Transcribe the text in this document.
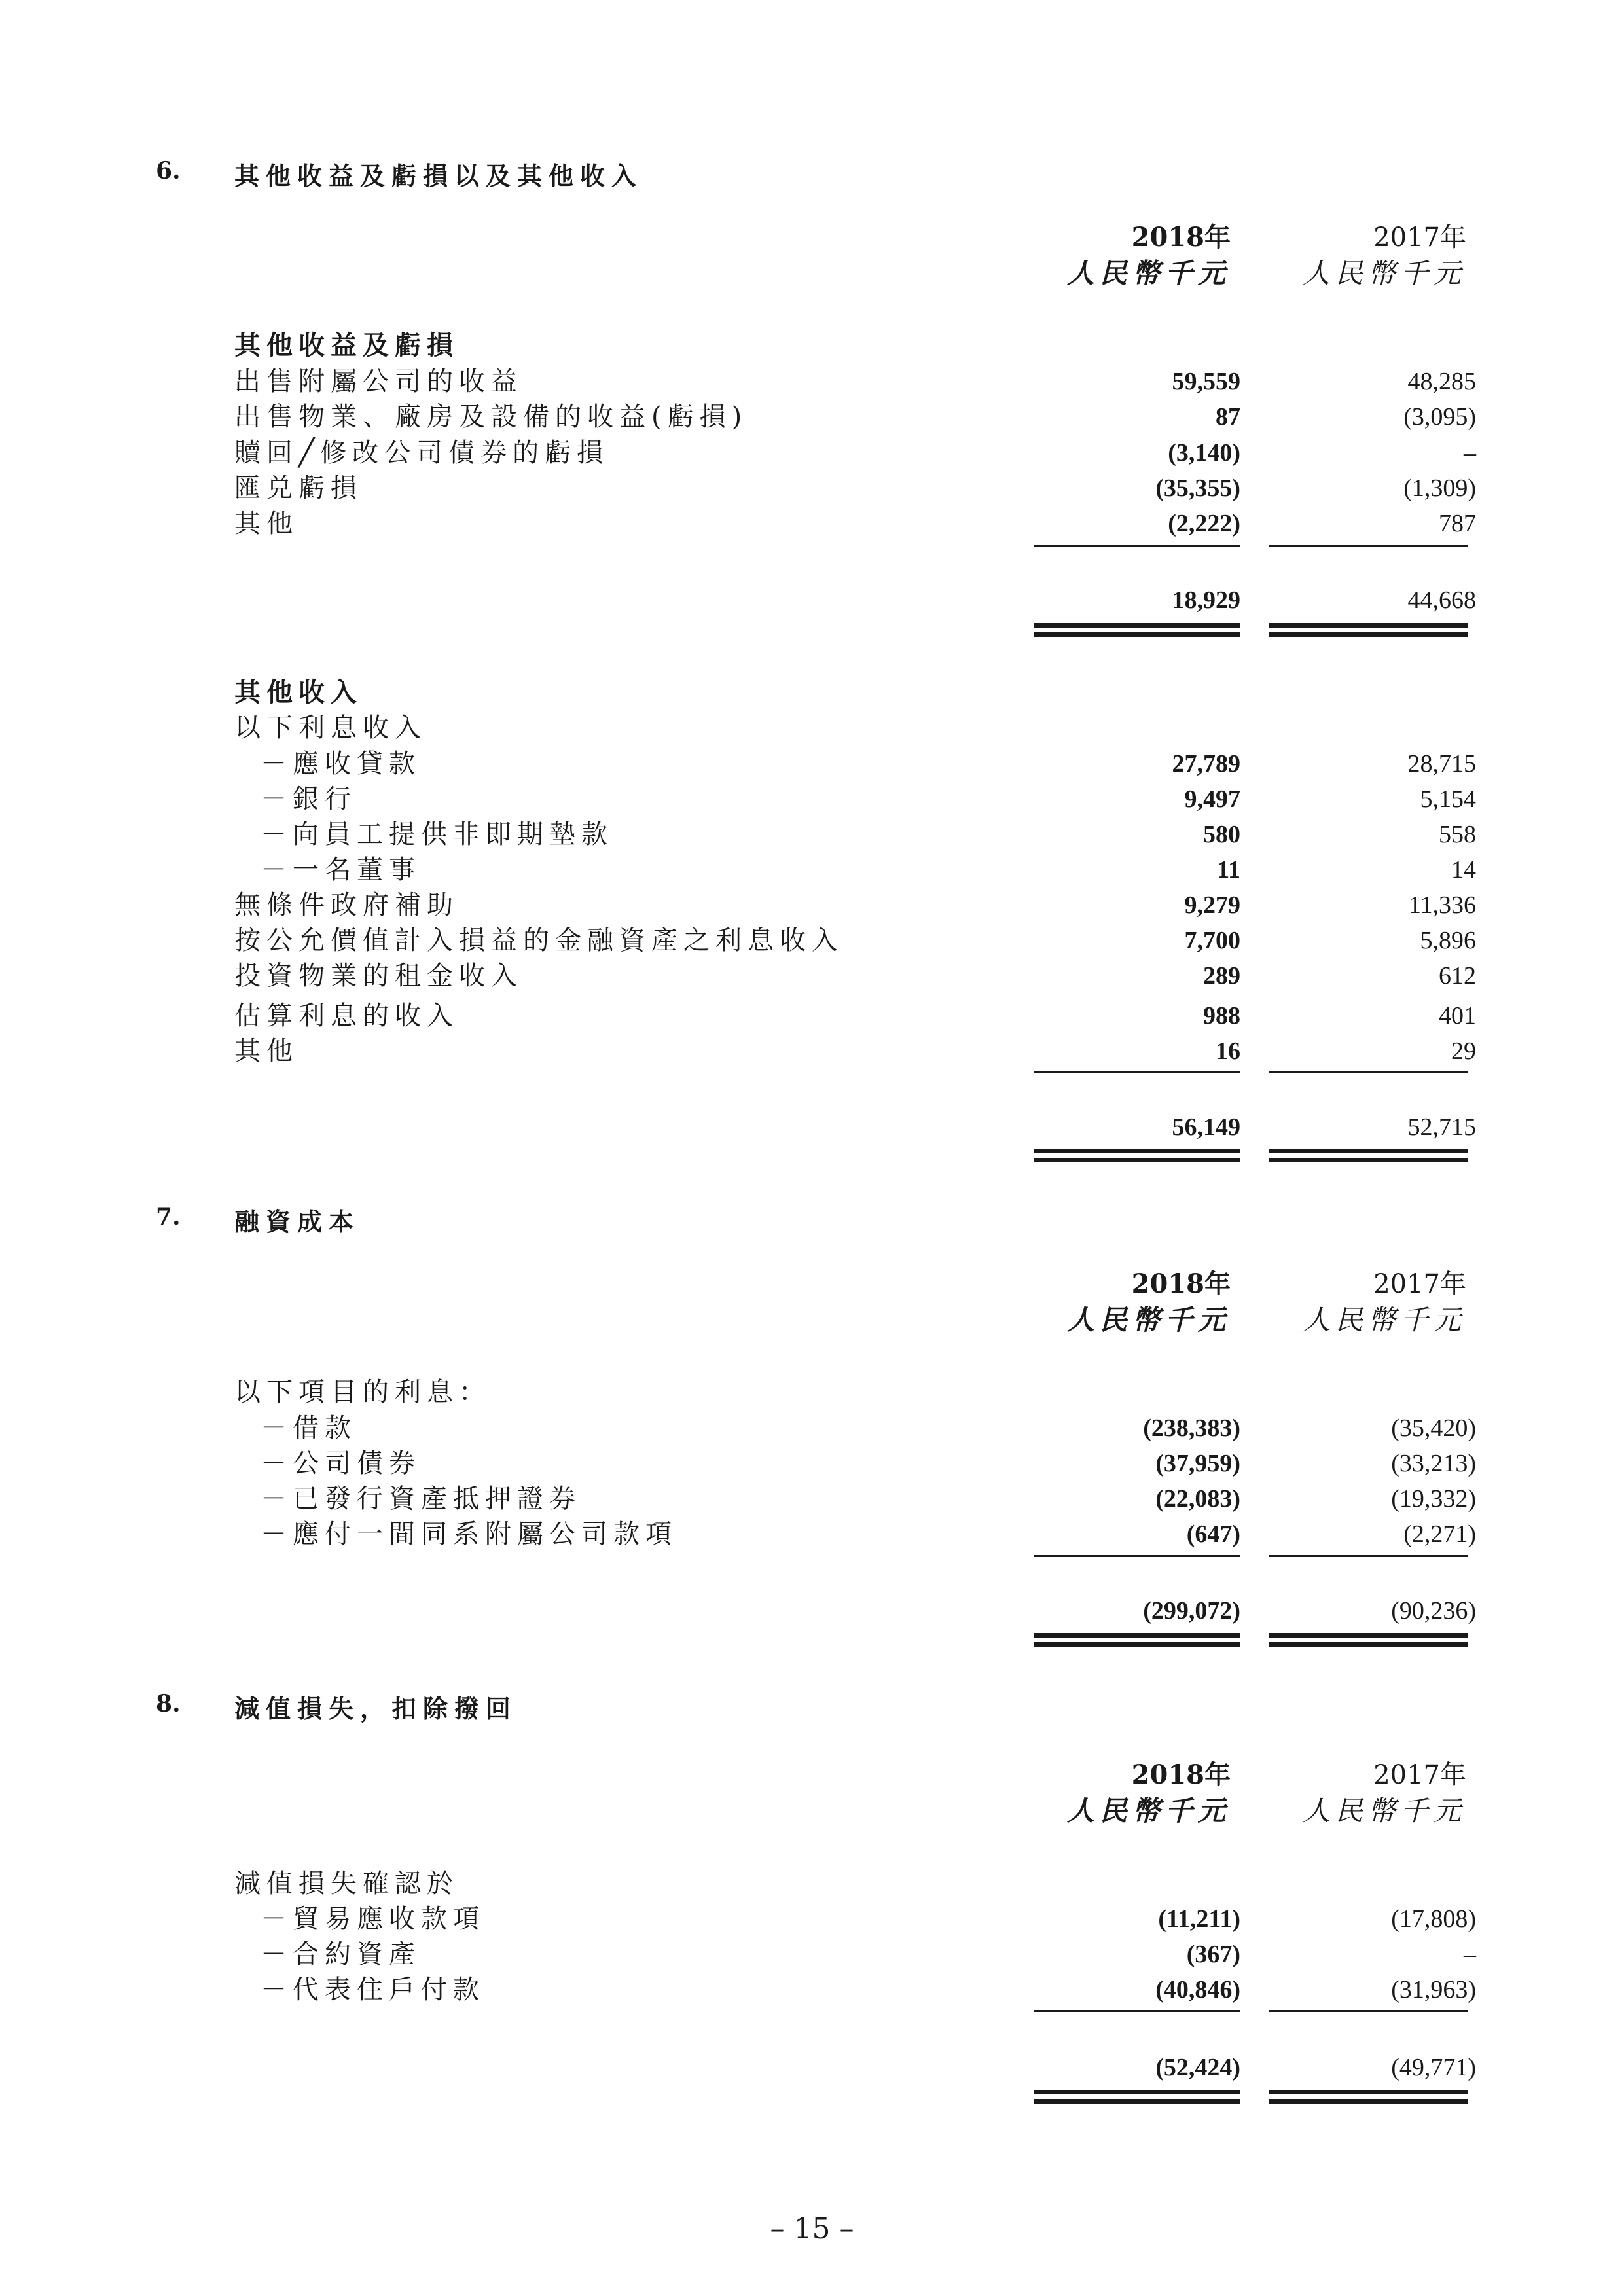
6. 其他收益及虧損以及其他收入
2018年	2017年
人民幣千元	人民幣千元
其他收益及虧損
出售附屬公司的收益	59,559	48,285
出售物業、廠房及設備的收益(虧損)	87	(3,095)
贖回╱修改公司債券的虧損	(3,140)	–
匯兑虧損	(35,355)	(1,309)
其他	(2,222)	787
18,929	44,668
其他收入
以下利息收入
－應收貸款	27,789	28,715
－銀行	9,497	5,154
－向員工提供非即期墊款	580	558
－一名董事	11	14
無條件政府補助	9,279	11,336
按公允價值計入損益的金融資產之利息收入	7,700	5,896
投資物業的租金收入	289	612
估算利息的收入	988	401
其他	16	29
56,149	52,715
7. 融資成本
2018年	2017年
人民幣千元	人民幣千元
以下項目的利息：
－借款	(238,383)	(35,420)
－公司債券	(37,959)	(33,213)
－已發行資產抵押證券	(22,083)	(19,332)
－應付一間同系附屬公司款項	(647)	(2,271)
(299,072)	(90,236)
8. 減值損失，扣除撥回
2018年	2017年
人民幣千元	人民幣千元
減值損失確認於
－貿易應收款項	(11,211)	(17,808)
－合約資產	(367)	–
－代表住戶付款	(40,846)	(31,963)
(52,424)	(49,771)
– 15 –
